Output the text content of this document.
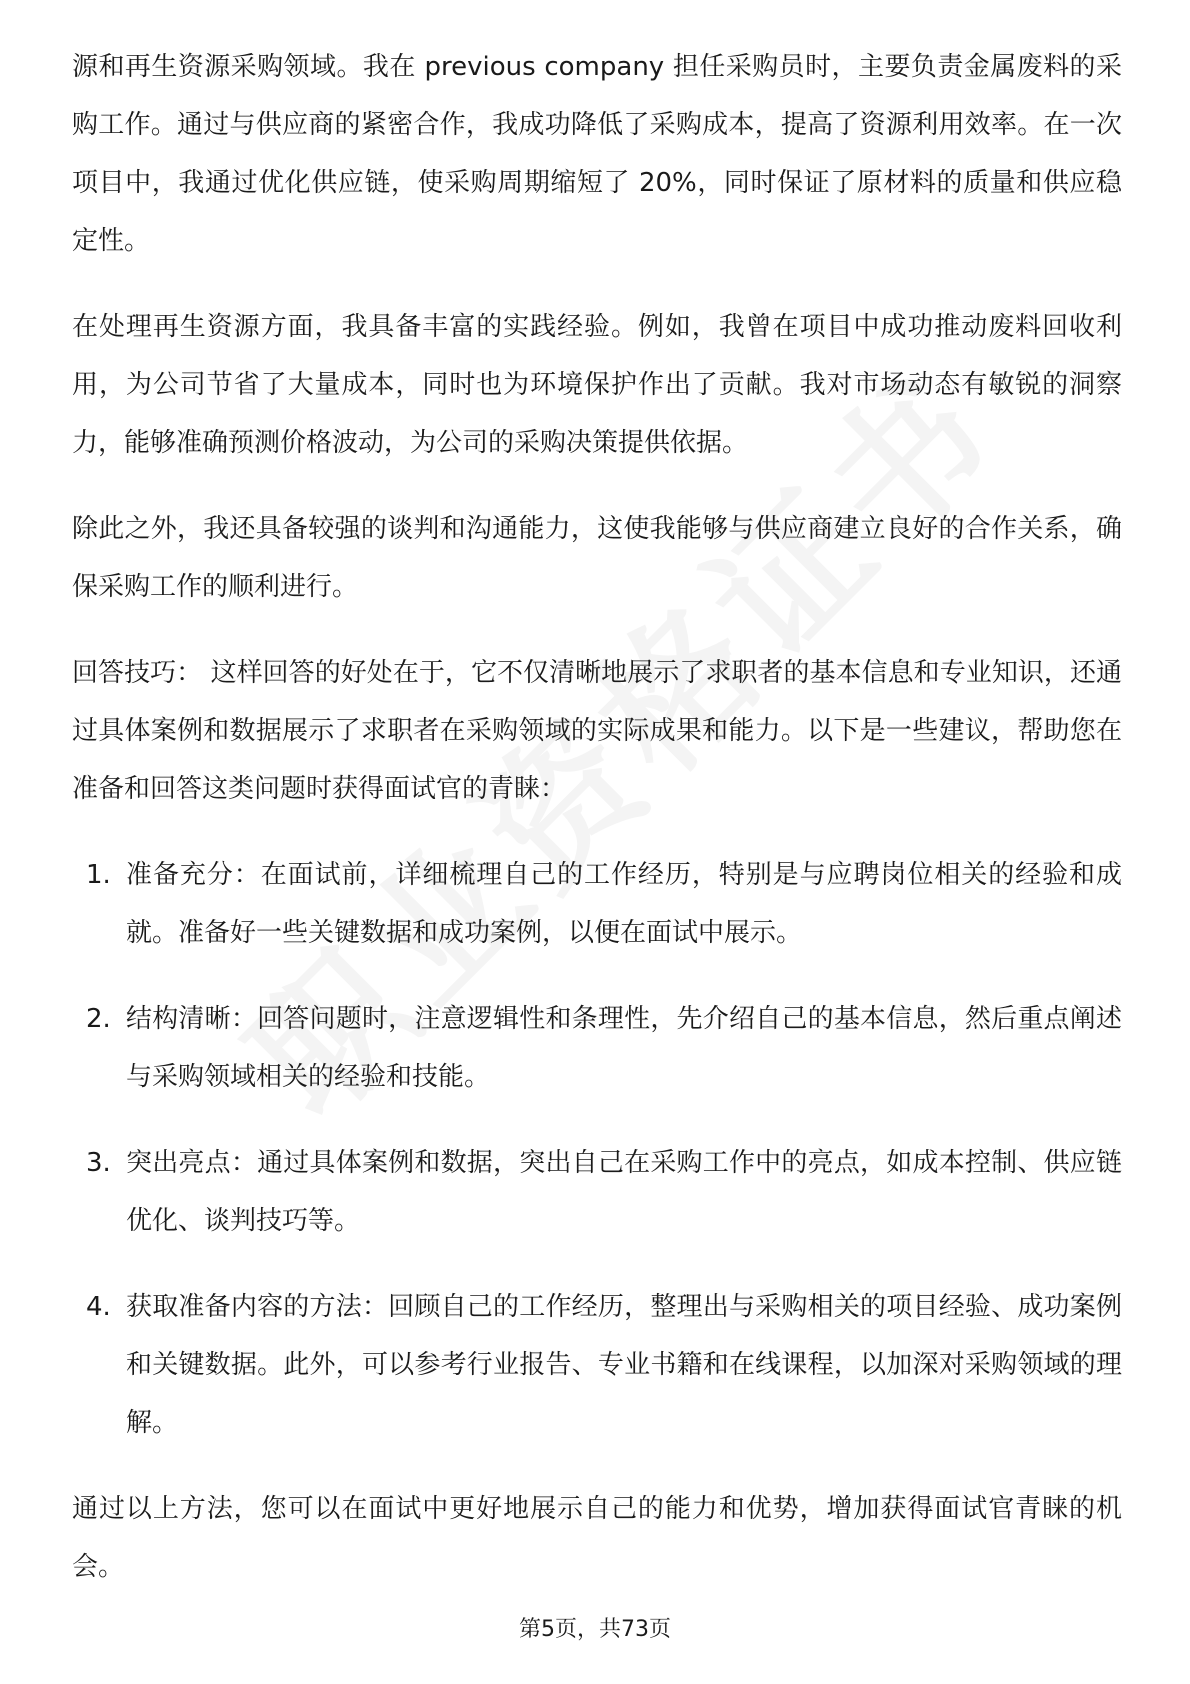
源和再生资源采购领域。我在 previous company 担任采购员时，主要负责金属废料的采购工作。通过与供应商的紧密合作，我成功降低了采购成本，提高了资源利用效率。在一次项目中，我通过优化供应链，使采购周期缩短了 20%，同时保证了原材料的质量和供应稳定性。

在处理再生资源方面，我具备丰富的实践经验。例如，我曾在项目中成功推动废料回收利用，为公司节省了大量成本，同时也为环境保护作出了贡献。我对市场动态有敏锐的洞察力，能够准确预测价格波动，为公司的采购决策提供依据。

除此之外，我还具备较强的谈判和沟通能力，这使我能够与供应商建立良好的合作关系，确保采购工作的顺利进行。

回答技巧： 这样回答的好处在于，它不仅清晰地展示了求职者的基本信息和专业知识，还通过具体案例和数据展示了求职者在采购领域的实际成果和能力。以下是一些建议，帮助您在准备和回答这类问题时获得面试官的青睐：

1. 准备充分：在面试前，详细梳理自己的工作经历，特别是与应聘岗位相关的经验和成就。准备好一些关键数据和成功案例，以便在面试中展示。
2. 结构清晰：回答问题时，注意逻辑性和条理性，先介绍自己的基本信息，然后重点阐述与采购领域相关的经验和技能。
3. 突出亮点：通过具体案例和数据，突出自己在采购工作中的亮点，如成本控制、供应链优化、谈判技巧等。
4. 获取准备内容的方法：回顾自己的工作经历，整理出与采购相关的项目经验、成功案例和关键数据。此外，可以参考行业报告、专业书籍和在线课程，以加深对采购领域的理解。

通过以上方法，您可以在面试中更好地展示自己的能力和优势，增加获得面试官青睐的机会。

第5页，共73页
